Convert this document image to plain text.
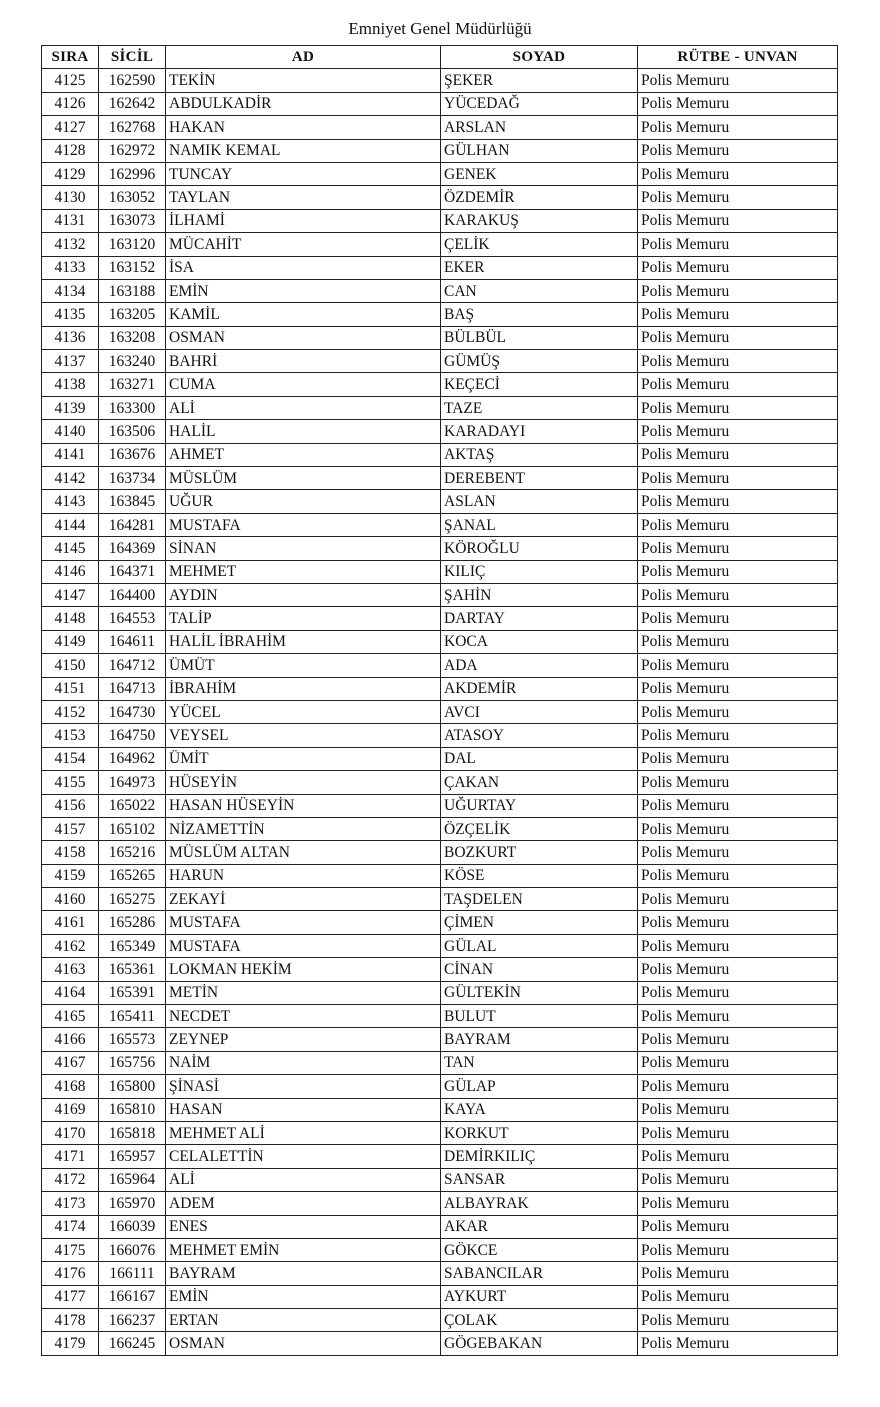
Emniyet Genel Müdürlüğü
SIRA	SİCİL	AD	SOYAD	RÜTBE - UNVAN
4125	162590	TEKİN	ŞEKER	Polis Memuru
4126	162642	ABDULKADİR	YÜCEDAĞ	Polis Memuru
4127	162768	HAKAN	ARSLAN	Polis Memuru
4128	162972	NAMIK KEMAL	GÜLHAN	Polis Memuru
4129	162996	TUNCAY	GENEK	Polis Memuru
4130	163052	TAYLAN	ÖZDEMİR	Polis Memuru
4131	163073	İLHAMİ	KARAKUŞ	Polis Memuru
4132	163120	MÜCAHİT	ÇELİK	Polis Memuru
4133	163152	İSA	EKER	Polis Memuru
4134	163188	EMİN	CAN	Polis Memuru
4135	163205	KAMİL	BAŞ	Polis Memuru
4136	163208	OSMAN	BÜLBÜL	Polis Memuru
4137	163240	BAHRİ	GÜMÜŞ	Polis Memuru
4138	163271	CUMA	KEÇECİ	Polis Memuru
4139	163300	ALİ	TAZE	Polis Memuru
4140	163506	HALİL	KARADAYI	Polis Memuru
4141	163676	AHMET	AKTAŞ	Polis Memuru
4142	163734	MÜSLÜM	DEREBENT	Polis Memuru
4143	163845	UĞUR	ASLAN	Polis Memuru
4144	164281	MUSTAFA	ŞANAL	Polis Memuru
4145	164369	SİNAN	KÖROĞLU	Polis Memuru
4146	164371	MEHMET	KILIÇ	Polis Memuru
4147	164400	AYDIN	ŞAHİN	Polis Memuru
4148	164553	TALİP	DARTAY	Polis Memuru
4149	164611	HALİL İBRAHİM	KOCA	Polis Memuru
4150	164712	ÜMÜT	ADA	Polis Memuru
4151	164713	İBRAHİM	AKDEMİR	Polis Memuru
4152	164730	YÜCEL	AVCI	Polis Memuru
4153	164750	VEYSEL	ATASOY	Polis Memuru
4154	164962	ÜMİT	DAL	Polis Memuru
4155	164973	HÜSEYİN	ÇAKAN	Polis Memuru
4156	165022	HASAN HÜSEYİN	UĞURTAY	Polis Memuru
4157	165102	NİZAMETTİN	ÖZÇELİK	Polis Memuru
4158	165216	MÜSLÜM ALTAN	BOZKURT	Polis Memuru
4159	165265	HARUN	KÖSE	Polis Memuru
4160	165275	ZEKAYİ	TAŞDELEN	Polis Memuru
4161	165286	MUSTAFA	ÇİMEN	Polis Memuru
4162	165349	MUSTAFA	GÜLAL	Polis Memuru
4163	165361	LOKMAN HEKİM	CİNAN	Polis Memuru
4164	165391	METİN	GÜLTEKİN	Polis Memuru
4165	165411	NECDET	BULUT	Polis Memuru
4166	165573	ZEYNEP	BAYRAM	Polis Memuru
4167	165756	NAİM	TAN	Polis Memuru
4168	165800	ŞİNASİ	GÜLAP	Polis Memuru
4169	165810	HASAN	KAYA	Polis Memuru
4170	165818	MEHMET ALİ	KORKUT	Polis Memuru
4171	165957	CELALETTİN	DEMİRKILIÇ	Polis Memuru
4172	165964	ALİ	SANSAR	Polis Memuru
4173	165970	ADEM	ALBAYRAK	Polis Memuru
4174	166039	ENES	AKAR	Polis Memuru
4175	166076	MEHMET EMİN	GÖKCE	Polis Memuru
4176	166111	BAYRAM	SABANCILAR	Polis Memuru
4177	166167	EMİN	AYKURT	Polis Memuru
4178	166237	ERTAN	ÇOLAK	Polis Memuru
4179	166245	OSMAN	GÖGEBAKAN	Polis Memuru
